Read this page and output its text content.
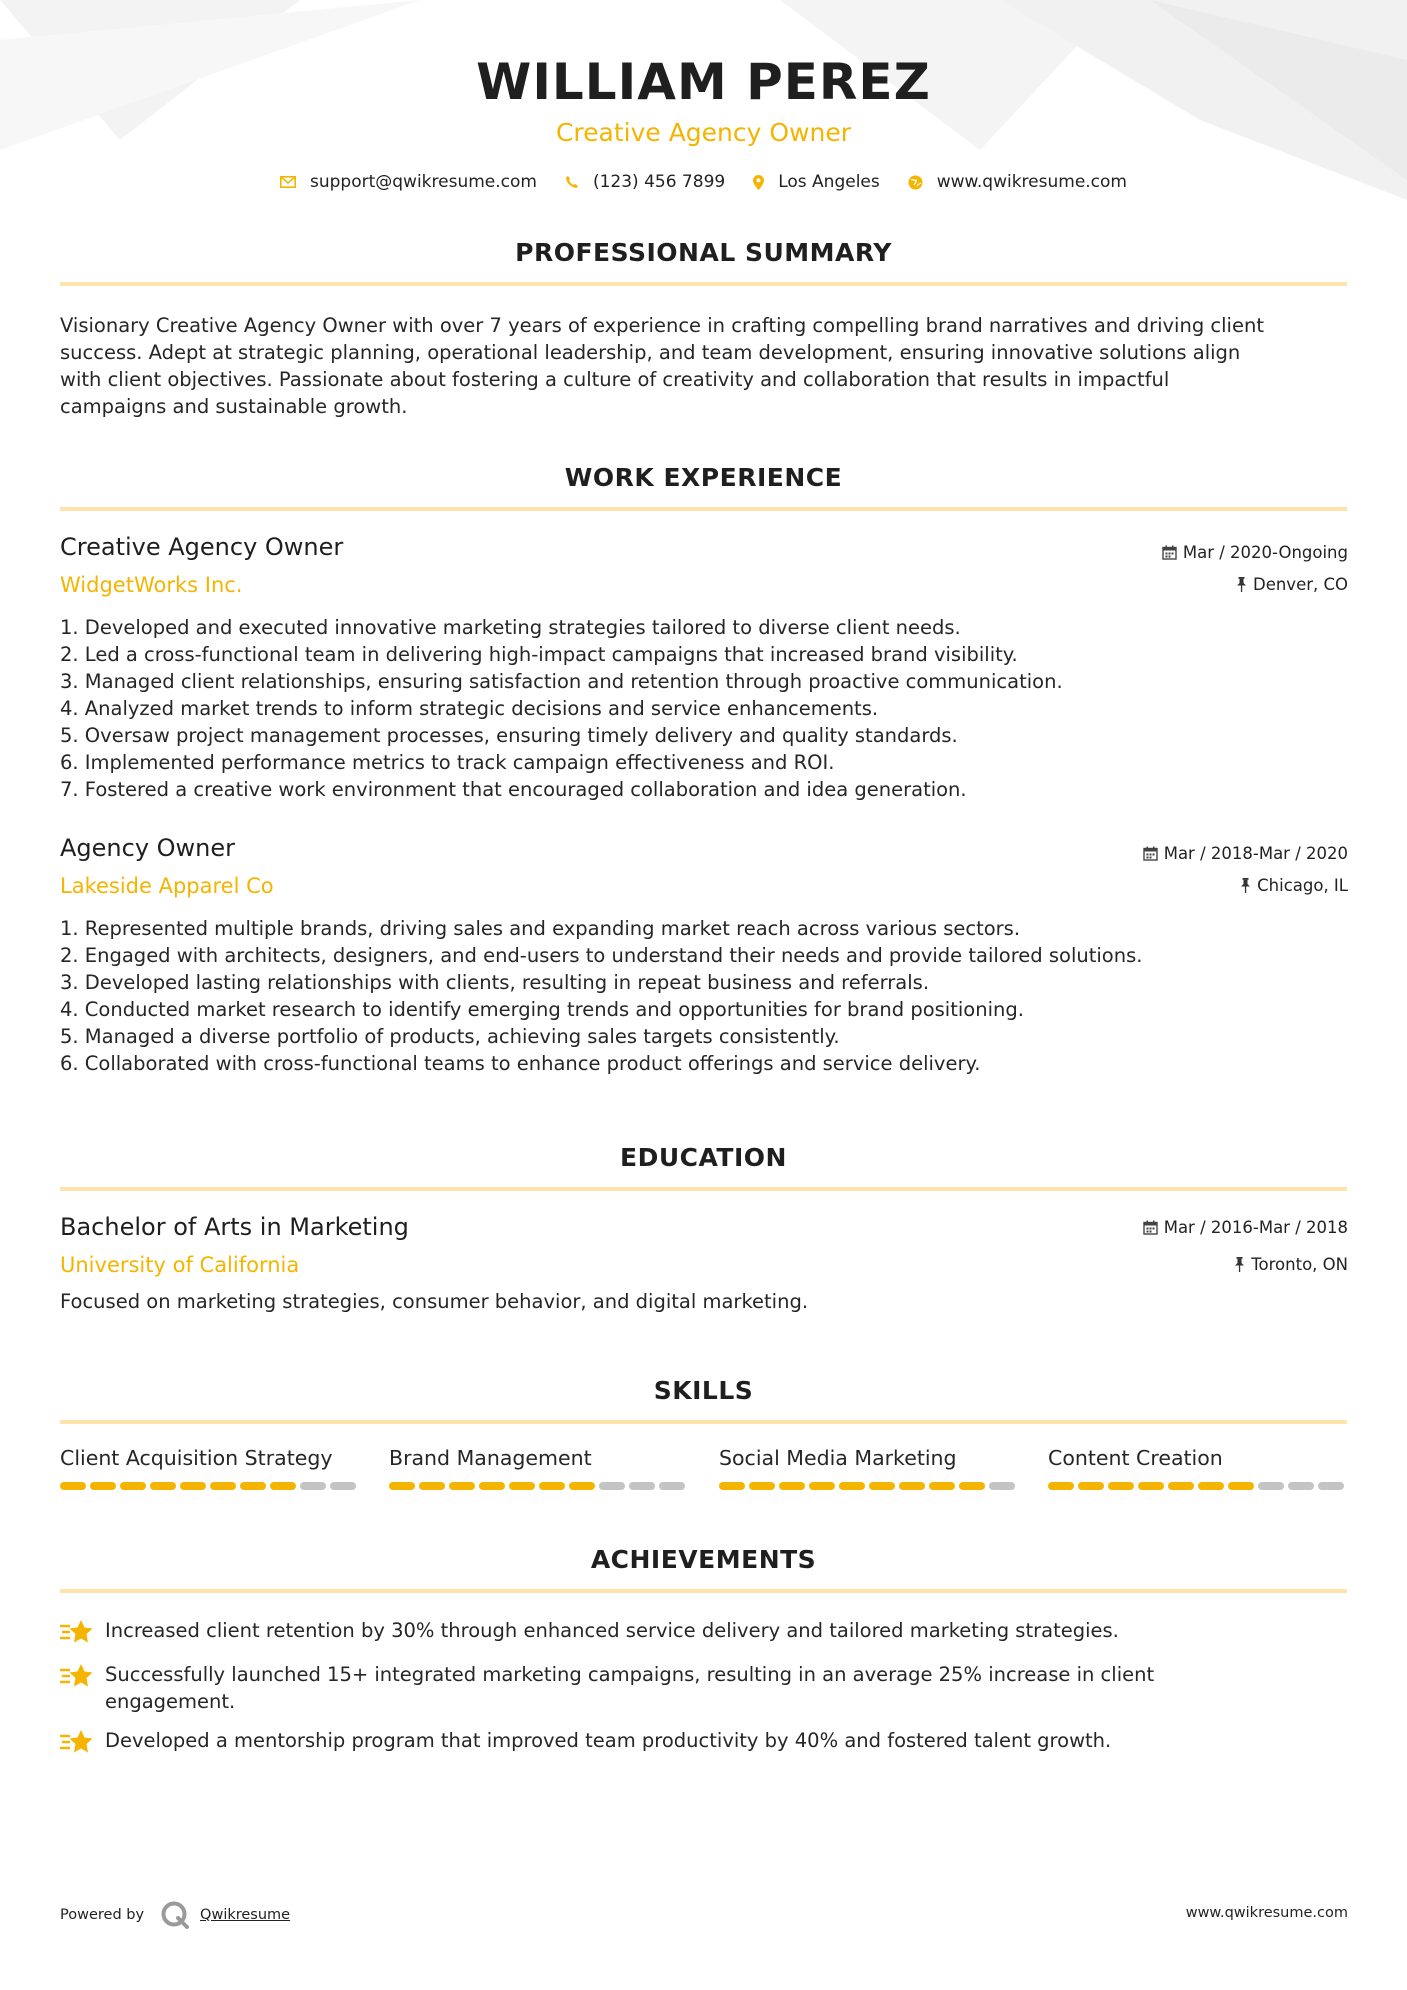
WILLIAM PEREZ
Creative Agency Owner
support@qwikresume.com	(123) 456 7899	Los Angeles	www.qwikresume.com
PROFESSIONAL SUMMARY
Visionary Creative Agency Owner with over 7 years of experience in crafting compelling brand narratives and driving client
success. Adept at strategic planning, operational leadership, and team development, ensuring innovative solutions align
with client objectives. Passionate about fostering a culture of creativity and collaboration that results in impactful
campaigns and sustainable growth.
WORK EXPERIENCE
Creative Agency Owner
WidgetWorks Inc.
Mar / 2020-Ongoing
Denver, CO
1. Developed and executed innovative marketing strategies tailored to diverse client needs.
2. Led a cross-functional team in delivering high-impact campaigns that increased brand visibility.
3. Managed client relationships, ensuring satisfaction and retention through proactive communication.
4. Analyzed market trends to inform strategic decisions and service enhancements.
5. Oversaw project management processes, ensuring timely delivery and quality standards.
6. Implemented performance metrics to track campaign effectiveness and ROI.
7. Fostered a creative work environment that encouraged collaboration and idea generation.
Agency Owner
Lakeside Apparel Co
Mar / 2018-Mar / 2020
Chicago, IL
1. Represented multiple brands, driving sales and expanding market reach across various sectors.
2. Engaged with architects, designers, and end-users to understand their needs and provide tailored solutions.
3. Developed lasting relationships with clients, resulting in repeat business and referrals.
4. Conducted market research to identify emerging trends and opportunities for brand positioning.
5. Managed a diverse portfolio of products, achieving sales targets consistently.
6. Collaborated with cross-functional teams to enhance product offerings and service delivery.
EDUCATION
Bachelor of Arts in Marketing
University of California
Mar / 2016-Mar / 2018
Toronto, ON
Focused on marketing strategies, consumer behavior, and digital marketing.
SKILLS
Client Acquisition Strategy	Brand Management	Social Media Marketing	Content Creation
ACHIEVEMENTS
Increased client retention by 30% through enhanced service delivery and tailored marketing strategies.
Successfully launched 15+ integrated marketing campaigns, resulting in an average 25% increase in client
engagement.
Developed a mentorship program that improved team productivity by 40% and fostered talent growth.
Powered by	Qwikresume	www.qwikresume.com
